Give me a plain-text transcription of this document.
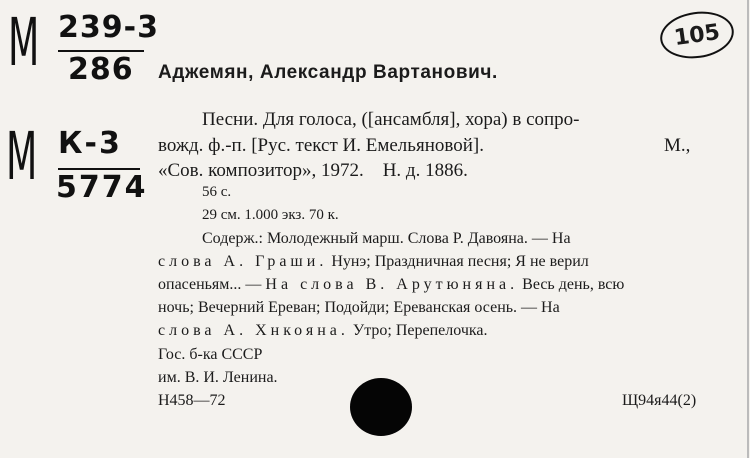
М 239-3
286
М К-3
5774
105
Аджемян, Александр Вартанович.
Песни. Для голоса, ([ансамбля], хора) в сопро-
вожд. ф.-п. [Рус. текст И. Емельяновой].	М.,
«Сов. композитор», 1972.    Н. д. 1886.
56 с.
29 см. 1.000 экз. 70 к.
Содерж.: Молодежный марш. Слова Р. Давояна. — На
слова А. Граши. Нунэ; Праздничная песня; Я не верил
опасеньям... — На слова В. Арутюняна. Весь день, всю
ночь; Вечерний Ереван; Подойди; Ереванская осень. — На
слова А. Хнкояна. Утро; Перепелочка.
Гос. б-ка СССР
им. В. И. Ленина.
Н458—72	Щ94я44(2)
